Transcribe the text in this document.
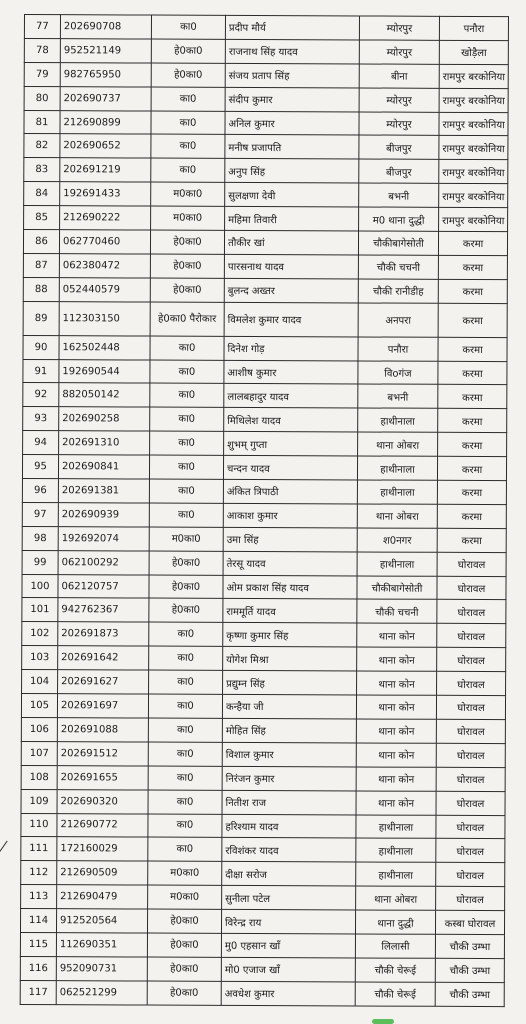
77	202690708	का0	प्रदीप मौर्य	म्योरपुर	पनौरा
78	952521149	हे0का0	राजनाथ सिंह यादव	म्योरपुर	खोड़ैला
79	982765950	हे0का0	संजय प्रताप सिंह	बीना	रामपुर बरकोनिया
80	202690737	का0	संदीप कुमार	म्योरपुर	रामपुर बरकोनिया
81	212690899	का0	अनिल कुमार	म्योरपुर	रामपुर बरकोनिया
82	202690652	का0	मनीष प्रजापति	बीजपुर	रामपुर बरकोनिया
83	202691219	का0	अनुप सिंह	बीजपुर	रामपुर बरकोनिया
84	192691433	म0का0	सुलक्षणा देवी	बभनी	रामपुर बरकोनिया
85	212690222	म0का0	महिमा तिवारी	म0 थाना दुद्धी	रामपुर बरकोनिया
86	062770460	हे0का0	तौकीर खां	चौकीबागेसोती	करमा
87	062380472	हे0का0	पारसनाथ यादव	चौकी चचनी	करमा
88	052440579	हे0का0	बुलन्द अख्तर	चौकी रानीडीह	करमा
89	112303150	हे0का0 पैरोकार	विमलेश कुमार यादव	अनपरा	करमा
90	162502448	का0	दिनेश गोड़	पनौरा	करमा
91	192690544	का0	आशीष कुमार	विoगंज	करमा
92	882050142	का0	लालबहादुर यादव	बभनी	करमा
93	202690258	का0	मिथिलेश यादव	हाथीनाला	करमा
94	202691310	का0	शुभम् गुप्ता	थाना ओबरा	करमा
95	202690841	का0	चन्दन यादव	हाथीनाला	करमा
96	202691381	का0	अंकित त्रिपाठी	हाथीनाला	करमा
97	202690939	का0	आकाश कुमार	थाना ओबरा	करमा
98	192692074	म0का0	उमा सिंह	श0नगर	करमा
99	062100292	हे0का0	तेरसू यादव	हाथीनाला	घोरावल
100	062120757	हे0का0	ओम प्रकाश सिंह यादव	चौकीबागेसोती	घोरावल
101	942762367	हे0का0	राममूर्ति यादव	चौकी चचनी	घोरावल
102	202691873	का0	कृष्णा कुमार सिंह	थाना कोन	घोरावल
103	202691642	का0	योगेश मिश्रा	थाना कोन	घोरावल
104	202691627	का0	प्रद्युम्न सिंह	थाना कोन	घोरावल
105	202691697	का0	कन्हैया जी	थाना कोन	घोरावल
106	202691088	का0	मोहित सिंह	थाना कोन	घोरावल
107	202691512	का0	विशाल कुमार	थाना कोन	घोरावल
108	202691655	का0	निरंजन कुमार	थाना कोन	घोरावल
109	202690320	का0	नितीश राज	थाना कोन	घोरावल
110	212690772	का0	हरिश्याम यादव	हाथीनाला	घोरावल
111	172160029	का0	रविशंकर यादव	हाथीनाला	घोरावल
112	212690509	म0का0	दीक्षा सरोज	हाथीनाला	घोरावल
113	212690479	म0का0	सुनीला पटेल	थाना ओबरा	घोरावल
114	912520564	हे0का0	विरेन्द्र राय	थाना दुद्धी	कस्बा घोरावल
115	112690351	हे0का0	मु0 एहसान खाँ	लिलासी	चौकी उम्भा
116	952090731	हे0का0	मो0 एजाज खाँ	चौकी चेरूई	चौकी उम्भा
117	062521299	हे0का0	अवधेश कुमार	चौकी चेरूई	चौकी उम्भा
